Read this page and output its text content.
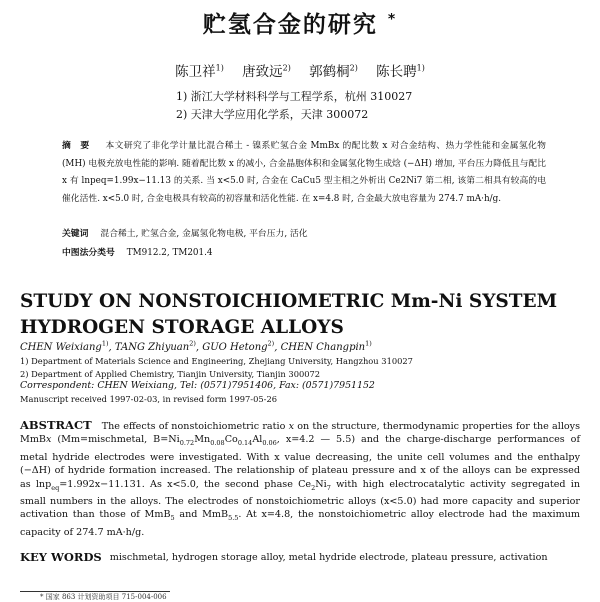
贮氢合金的研究 *
陈卫祥$^{1)}$ 唐致远$^{2)}$ 郭鹤桐$^{2)}$ 陈长聘$^{1)}$
1) 浙江大学材料科学与工程学系，杭州 310027
2) 天津大学应用化学系，天津 300072
摘　要 本文研究了非化学计量比混合稀土 - 镍系贮氢合金 MmBx 的配比数 x 对合金结构、热力学性能和金属氢化物 (MH) 电极充放电性能的影响. 随着配比数 x 的减小, 合金晶胞体积和金属氢化物生成焓 (−ΔH) 增加, 平台压力降低且与配比 x 有 lnpeq=1.99x−11.13 的关系. 当 x<5.0 时, 合金在 CaCu5 型主相之外析出 Ce2Ni7 第二相, 该第二相具有较高的电催化活性. x<5.0 时, 合金电极具有较高的初容量和活化性能. 在 x=4.8 时, 合金最大放电容量为 274.7 mA·h/g.
关键词 混合稀土, 贮氢合金, 金属氢化物电极, 平台压力, 活化
中图法分类号 TM912.2, TM201.4
STUDY ON NONSTOICHIOMETRIC Mm-Ni SYSTEM
HYDROGEN STORAGE ALLOYS
CHEN Weixiang$^{1)}$, TANG Zhiyuan$^{2)}$, GUO Hetong$^{2)}$, CHEN Changpin$^{1)}$
1) Department of Materials Science and Engineering, Zhejiang University, Hangzhou 310027
2) Department of Applied Chemistry, Tianjin University, Tianjin 300072
Correspondent: CHEN Weixiang, Tel: (0571)7951406, Fax: (0571)7951152
Manuscript received 1997-02-03, in revised form 1997-05-26
ABSTRACT The effects of nonstoichiometric ratio x on the structure, thermodynamic properties for the alloys MmBx (Mm=mischmetal, $B=Ni_{0.72}Mn_{0.08}Co_{0.14}Al_{0.06}$, x=4.2 — 5.5) and the charge-discharge performances of metal hydride electrodes were investigated. With x value decreasing, the unite cell volumes and the enthalpy (−ΔH) of hydride formation increased. The relationship of plateau pressure and x of the alloys can be expressed as lnp$_{eq}$=1.992x−11.131. As x<5.0, the second phase $Ce_2Ni_7$ with high electrocatalytic activity segregated in small numbers in the alloys. The electrodes of nonstoichiometric alloys (x<5.0) had more capacity and superior activation than those of MmB$_5$ and MmB$_{5.5}$. At x=4.8, the nonstoichiometric alloy electrode had the maximum capacity of 274.7 mA·h/g.
KEY WORDS mischmetal, hydrogen storage alloy, metal hydride electrode, plateau pressure, activation
* 国家 863 计划资助项目 715-004-006
